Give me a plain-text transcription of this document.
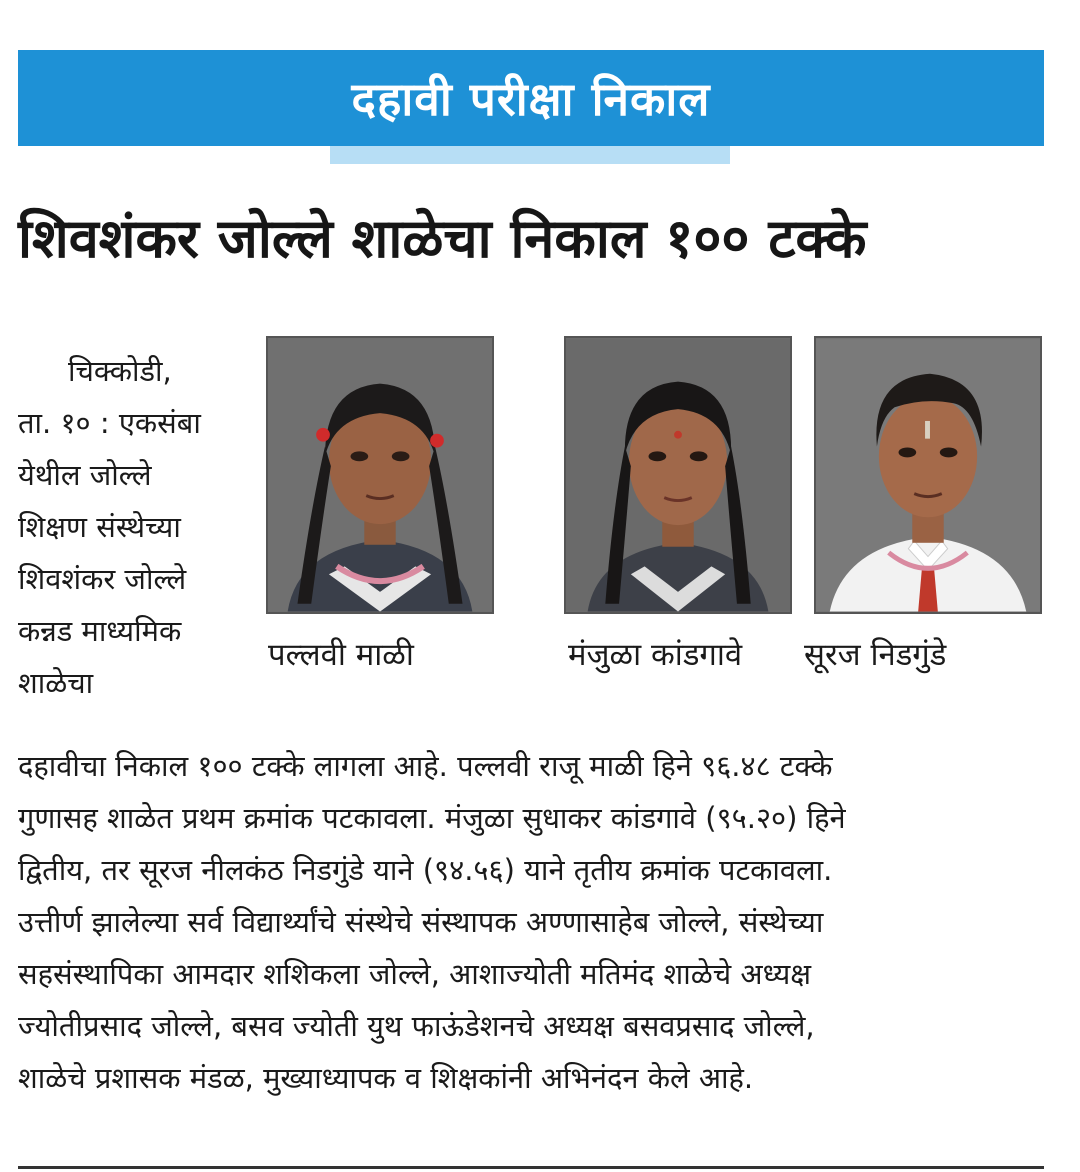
दहावी परीक्षा निकाल
शिवशंकर जोल्ले शाळेचा निकाल १०० टक्के
चिक्कोडी,
ता. १० : एकसंबा
येथील जोल्ले
शिक्षण संस्थेच्या
शिवशंकर जोल्ले
कन्नड माध्यमिक
शाळेचा
पल्लवी माळी	मंजुळा कांडगावे सूरज निडगुंडे
दहावीचा निकाल १०० टक्के लागला आहे. पल्लवी राजू माळी हिने ९६.४८ टक्के
गुणासह शाळेत प्रथम क्रमांक पटकावला. मंजुळा सुधाकर कांडगावे (९५.२०) हिने
द्वितीय, तर सूरज नीलकंठ निडगुंडे याने (९४.५६) याने तृतीय क्रमांक पटकावला.
उत्तीर्ण झालेल्या सर्व विद्यार्थ्यांचे संस्थेचे संस्थापक अण्णासाहेब जोल्ले, संस्थेच्या
सहसंस्थापिका आमदार शशिकला जोल्ले, आशाज्योती मतिमंद शाळेचे अध्यक्ष
ज्योतीप्रसाद जोल्ले, बसव ज्योती युथ फाऊंडेशनचे अध्यक्ष बसवप्रसाद जोल्ले,
शाळेचे प्रशासक मंडळ, मुख्याध्यापक व शिक्षकांनी अभिनंदन केले आहे.
